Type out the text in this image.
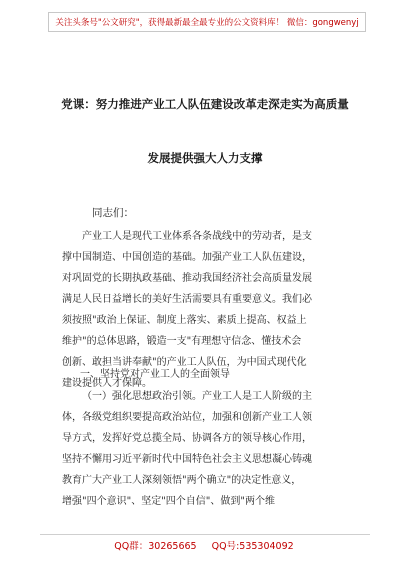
关注头条号"公文研究"，获得最新最全最专业的公文资料库！ 微信：gongwenyj
党课：努力推进产业工人队伍建设改革走深走实为高质量
发展提供强大人力支撑
同志们：
产业工人是现代工业体系各条战线中的劳动者，是支
撑中国制造、中国创造的基础。加强产业工人队伍建设，
对巩固党的长期执政基础、推动我国经济社会高质量发展
满足人民日益增长的美好生活需要具有重要意义。我们必
须按照"政治上保证、制度上落实、素质上提高、权益上
维护"的总体思路，锻造一支"有理想守信念、懂技术会
创新、敢担当讲奉献"的产业工人队伍，为中国式现代化
建设提供人才保障。
一、坚持党对产业工人的全面领导
（一）强化思想政治引领。产业工人是工人阶级的主
体，各级党组织要提高政治站位，加强和创新产业工人领
导方式，发挥好党总揽全局、协调各方的领导核心作用，
坚持不懈用习近平新时代中国特色社会主义思想凝心铸魂
教育广大产业工人深刻领悟"两个确立"的决定性意义，
增强"四个意识"、坚定"四个自信"、做到"两个维
QQ群：30265665 QQ号:535304092
